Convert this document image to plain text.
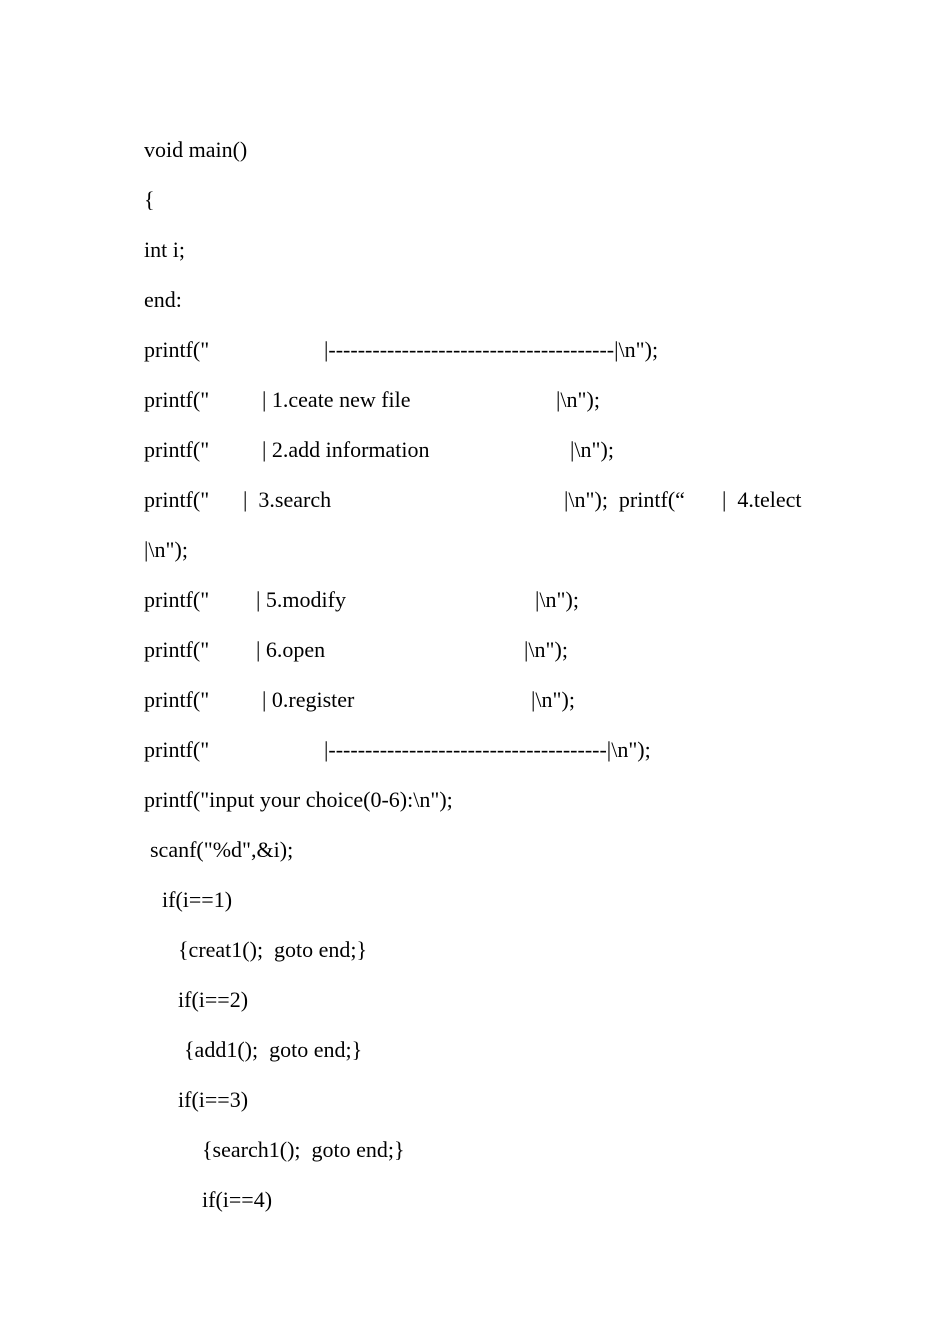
void main()
{
int i;
end:

printf("

	|---------------------------------------|\n");

printf("

| 1.ceate new file

	|\n");

printf("

| 2.add information

	|\n");

printf("

|  3.search

	|\n");  printf(“

|  4.telect

|\n");

printf("

| 5.modify

	|\n");

printf("

| 6.open

	|\n");

printf("

| 0.register

	|\n");

printf("

	|--------------------------------------|\n");

printf("input your choice(0-6):\n");
scanf("%d",&i);
if(i==1)
{creat1();  goto end;}
if(i==2)
{add1();  goto end;}
if(i==3)
{search1();  goto end;}
if(i==4)
